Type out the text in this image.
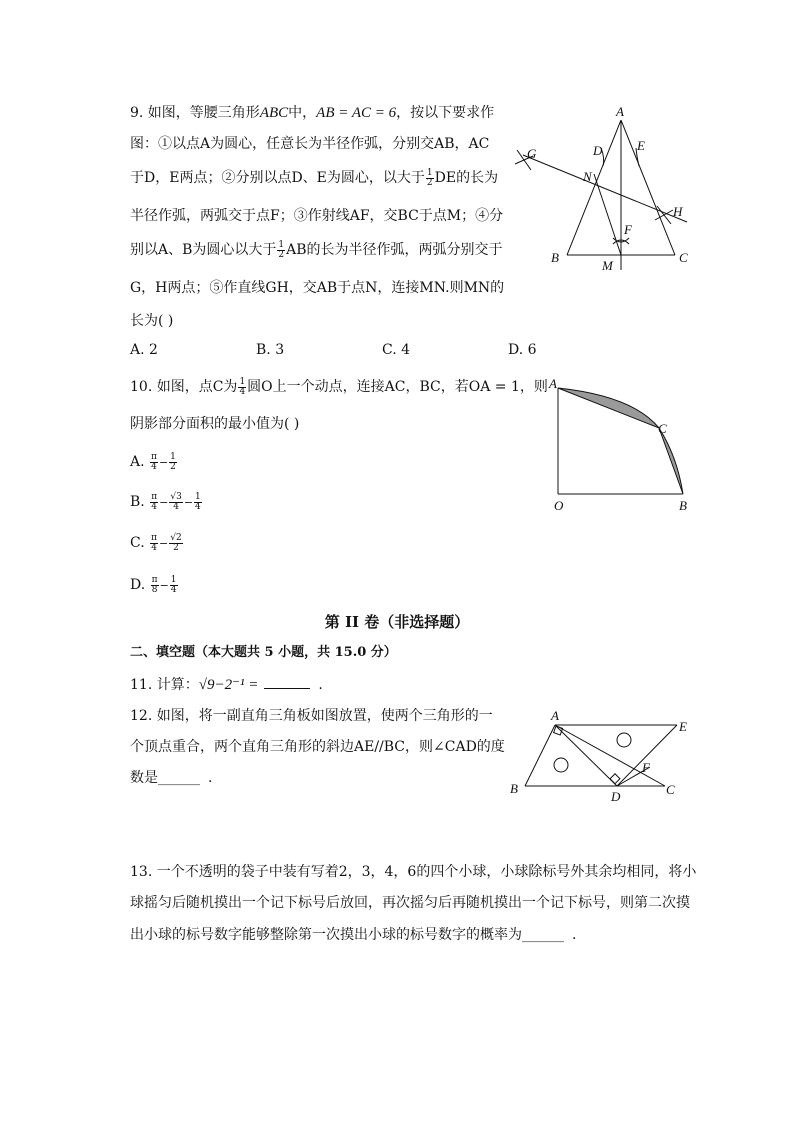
9. 如图，等腰三角形ABC中，AB = AC = 6，按以下要求作
图：①以点A为圆心，任意长为半径作弧，分别交AB，AC
于D，E两点；②分别以点D、E为圆心，以大于 $\frac{1}{2}$ DE的长为
半径作弧，两弧交于点F；③作射线AF，交BC于点M；④分
别以A、B为圆心以大于 $\frac{1}{2}$ AB的长为半径作弧，两弧分别交于
G，H两点；⑤作直线GH，交AB于点N，连接MN.则MN的
长为( )
A. 2	B. 3	C. 4	D. 6
A
D	E
G
N
H
F
B
M
C
10. 如图，点C为 $\frac{1}{4}$ 圆O上一个动点，连接AC，BC，若OA = 1，则
阴影部分面积的最小值为( )
A. $\frac{\pi}{4} - \frac{1}{2}$
B. $\frac{\pi}{4} - \frac{√3}{4} - \frac{1}{4}$
C. $\frac{\pi}{4} - \frac{√2}{2}$
D. $\frac{\pi}{8} - \frac{1}{4}$
A
C
O	B
第 II 卷（非选择题）
二、填空题（本大题共 5 小题，共 15.0 分）
11. 计算：√9−2⁻¹ =	.
12. 如图，将一副直角三角板如图放置，使两个三角形的一
个顶点重合，两个直角三角形的斜边AE//BC，则∠CAD的度
数是______ .
A
E
F
B
D	C
13. 一个不透明的袋子中装有写着2，3，4，6的四个小球，小球除标号外其余均相同，将小
球摇匀后随机摸出一个记下标号后放回，再次摇匀后再随机摸出一个记下标号，则第二次摸
出小球的标号数字能够整除第一次摸出小球的标号数字的概率为______ .
